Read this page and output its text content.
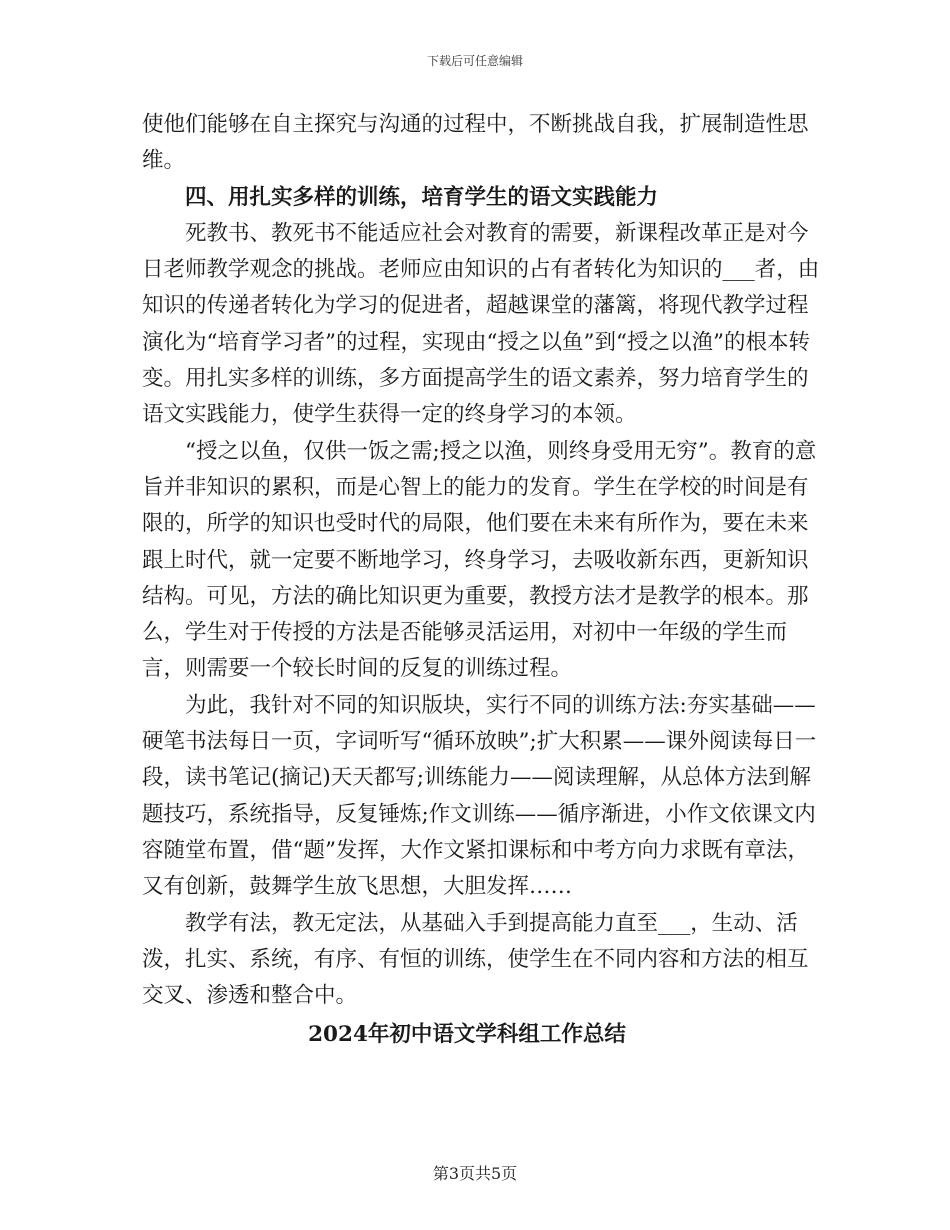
下载后可任意编辑

使他们能够在自主探究与沟通的过程中，不断挑战自我，扩展制造性思维。

四、用扎实多样的训练，培育学生的语文实践能力

死教书、教死书不能适应社会对教育的需要，新课程改革正是对今日老师教学观念的挑战。老师应由知识的占有者转化为知识的___者，由知识的传递者转化为学习的促进者，超越课堂的藩篱，将现代教学过程演化为“培育学习者”的过程，实现由“授之以鱼”到“授之以渔”的根本转变。用扎实多样的训练，多方面提高学生的语文素养，努力培育学生的语文实践能力，使学生获得一定的终身学习的本领。

“授之以鱼，仅供一饭之需;授之以渔，则终身受用无穷”。教育的意旨并非知识的累积，而是心智上的能力的发育。学生在学校的时间是有限的，所学的知识也受时代的局限，他们要在未来有所作为，要在未来跟上时代，就一定要不断地学习，终身学习，去吸收新东西，更新知识结构。可见，方法的确比知识更为重要，教授方法才是教学的根本。那么，学生对于传授的方法是否能够灵活运用，对初中一年级的学生而言，则需要一个较长时间的反复的训练过程。

为此，我针对不同的知识版块，实行不同的训练方法:夯实基础——硬笔书法每日一页，字词听写“循环放映”;扩大积累——课外阅读每日一段，读书笔记(摘记)天天都写;训练能力——阅读理解，从总体方法到解题技巧，系统指导，反复锤炼;作文训练——循序渐进，小作文依课文内容随堂布置，借“题”发挥，大作文紧扣课标和中考方向力求既有章法，又有创新，鼓舞学生放飞思想，大胆发挥……

教学有法，教无定法，从基础入手到提高能力直至___，生动、活泼，扎实、系统，有序、有恒的训练，使学生在不同内容和方法的相互交叉、渗透和整合中。

2024年初中语文学科组工作总结

第3页共5页
